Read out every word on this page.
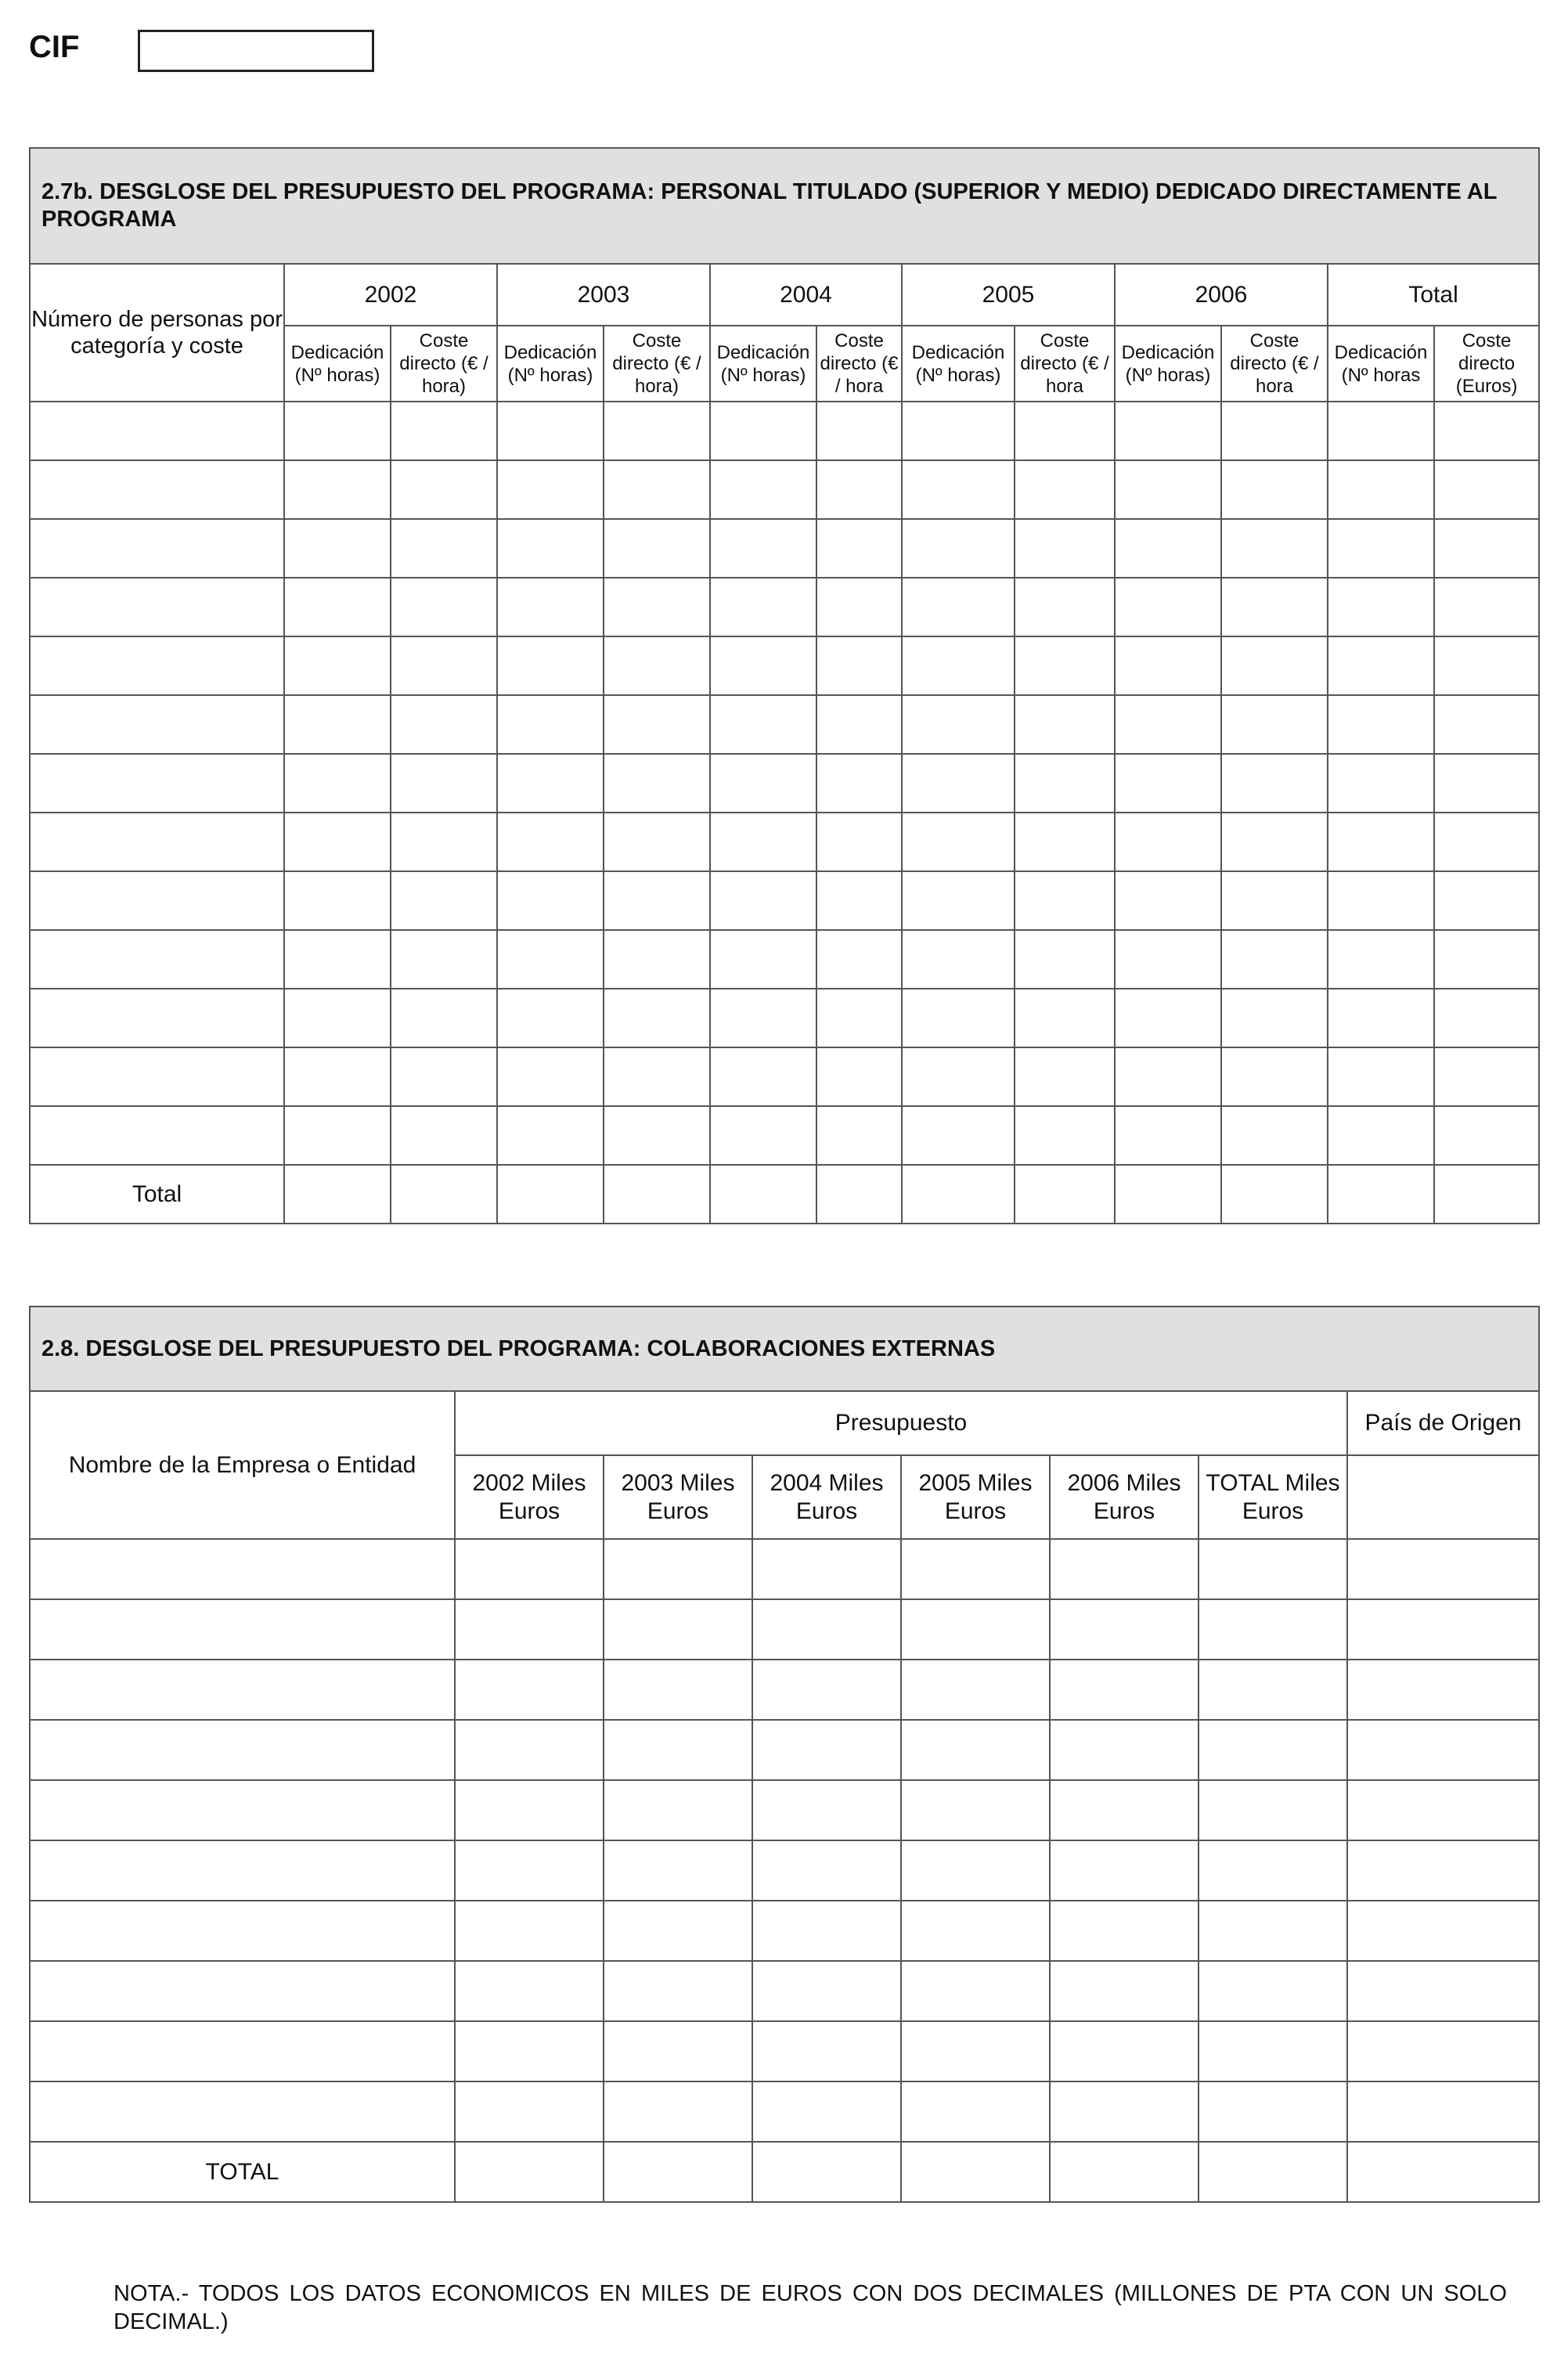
CIF
2.7b. DESGLOSE DEL PRESUPUESTO DEL PROGRAMA: PERSONAL TITULADO (SUPERIOR Y MEDIO) DEDICADO DIRECTAMENTE AL PROGRAMA												
Número de personas por categoría y coste	2002		2003		2004		2005		2006		Total	
	Dedicación (Nº horas)	Coste directo (€ / hora)	Dedicación (Nº horas)	Coste directo (€ / hora)	Dedicación (Nº horas)	Coste directo (€ / hora	Dedicación (Nº horas)	Coste directo (€ / hora	Dedicación (Nº horas)	Coste directo (€ / hora	Dedicación (Nº horas	Coste directo (Euros)

Total												
2.8. DESGLOSE DEL PRESUPUESTO DEL PROGRAMA: COLABORACIONES EXTERNAS							
Nombre de la Empresa o Entidad	Presupuesto						País de Origen
	2002 Miles Euros	2003 Miles Euros	2004 Miles Euros	2005 Miles Euros	2006 Miles Euros	TOTAL Miles Euros	

TOTAL							
NOTA.- TODOS LOS DATOS ECONOMICOS EN MILES DE EUROS CON DOS DECIMALES (MILLONES DE PTA CON UN SOLO DECIMAL.)
